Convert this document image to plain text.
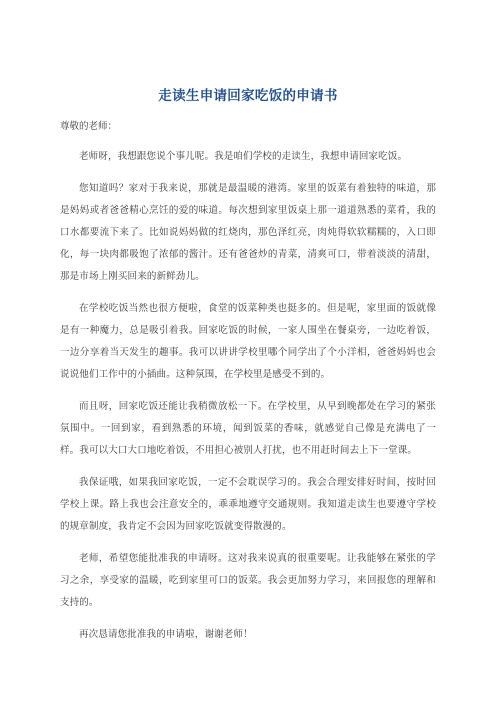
走读生申请回家吃饭的申请书

尊敬的老师：

老师呀，我想跟您说个事儿呢。我是咱们学校的走读生，我想申请回家吃饭。

您知道吗？家对于我来说，那就是最温暖的港湾。家里的饭菜有着独特的味道，那是妈妈或者爸爸精心烹饪的爱的味道。每次想到家里饭桌上那一道道熟悉的菜肴，我的口水都要流下来了。比如说妈妈做的红烧肉，那色泽红亮，肉炖得软软糯糯的，入口即化，每一块肉都吸饱了浓郁的酱汁。还有爸爸炒的青菜，清爽可口，带着淡淡的清甜，那是市场上刚买回来的新鲜劲儿。

在学校吃饭当然也很方便啦，食堂的饭菜种类也挺多的。但是呢，家里面的饭就像是有一种魔力，总是吸引着我。回家吃饭的时候，一家人围坐在餐桌旁，一边吃着饭，一边分享着当天发生的趣事。我可以讲讲学校里哪个同学出了个小洋相，爸爸妈妈也会说说他们工作中的小插曲。这种氛围，在学校里是感受不到的。

而且呀，回家吃饭还能让我稍微放松一下。在学校里，从早到晚都处在学习的紧张氛围中。一回到家，看到熟悉的环境，闻到饭菜的香味，就感觉自己像是充满电了一样。我可以大口大口地吃着饭，不用担心被别人打扰，也不用赶时间去上下一堂课。

我保证哦，如果我回家吃饭，一定不会耽误学习的。我会合理安排好时间，按时回学校上课。路上我也会注意安全的，乖乖地遵守交通规则。我知道走读生也要遵守学校的规章制度，我肯定不会因为回家吃饭就变得散漫的。

老师，希望您能批准我的申请呀。这对我来说真的很重要呢。让我能够在紧张的学习之余，享受家的温暖，吃到家里可口的饭菜。我会更加努力学习，来回报您的理解和支持的。

再次恳请您批准我的申请啦，谢谢老师！
